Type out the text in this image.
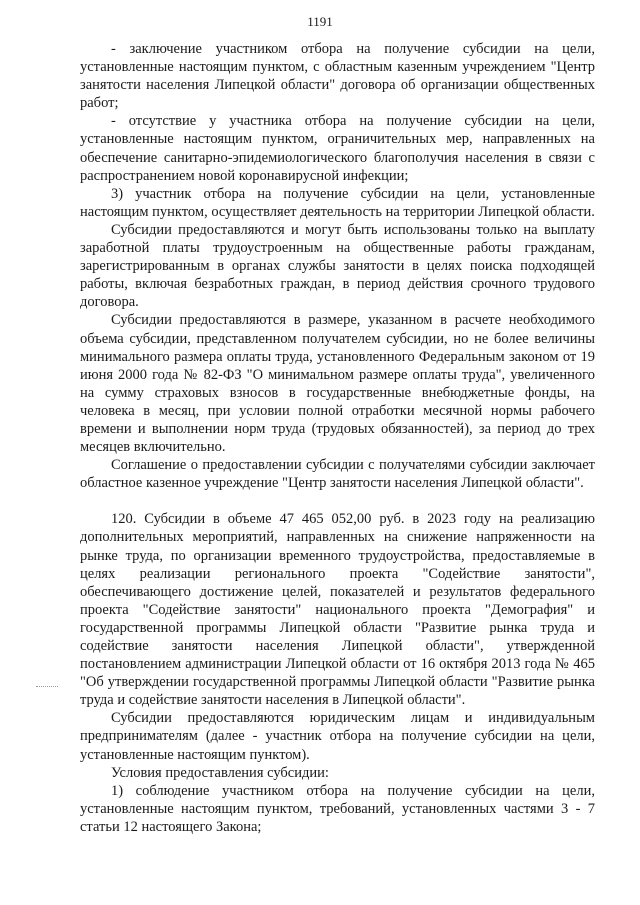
1191

- заключение участником отбора на получение субсидии на цели, установленные настоящим пунктом, с областным казенным учреждением "Центр занятости населения Липецкой области" договора об организации общественных работ;

- отсутствие у участника отбора на получение субсидии на цели, установленные настоящим пунктом, ограничительных мер, направленных на обеспечение санитарно-эпидемиологического благополучия населения в связи с распространением новой коронавирусной инфекции;

3) участник отбора на получение субсидии на цели, установленные настоящим пунктом, осуществляет деятельность на территории Липецкой области.

Субсидии предоставляются и могут быть использованы только на выплату заработной платы трудоустроенным на общественные работы гражданам, зарегистрированным в органах службы занятости в целях поиска подходящей работы, включая безработных граждан, в период действия срочного трудового договора.

Субсидии предоставляются в размере, указанном в расчете необходимого объема субсидии, представленном получателем субсидии, но не более величины минимального размера оплаты труда, установленного Федеральным законом от 19 июня 2000 года № 82-ФЗ "О минимальном размере оплаты труда", увеличенного на сумму страховых взносов в государственные внебюджетные фонды, на человека в месяц, при условии полной отработки месячной нормы рабочего времени и выполнении норм труда (трудовых обязанностей), за период до трех месяцев включительно.

Соглашение о предоставлении субсидии с получателями субсидии заключает областное казенное учреждение "Центр занятости населения Липецкой области".

120. Субсидии в объеме 47 465 052,00 руб. в 2023 году на реализацию дополнительных мероприятий, направленных на снижение напряженности на рынке труда, по организации временного трудоустройства, предоставляемые в целях реализации регионального проекта "Содействие занятости", обеспечивающего достижение целей, показателей и результатов федерального проекта "Содействие занятости" национального проекта "Демография" и государственной программы Липецкой области "Развитие рынка труда и содействие занятости населения Липецкой области", утвержденной постановлением администрации Липецкой области от 16 октября 2013 года № 465 "Об утверждении государственной программы Липецкой области "Развитие рынка труда и содействие занятости населения в Липецкой области".

Субсидии предоставляются юридическим лицам и индивидуальным предпринимателям (далее - участник отбора на получение субсидии на цели, установленные настоящим пунктом).

Условия предоставления субсидии:

1) соблюдение участником отбора на получение субсидии на цели, установленные настоящим пунктом, требований, установленных частями 3 - 7 статьи 12 настоящего Закона;
